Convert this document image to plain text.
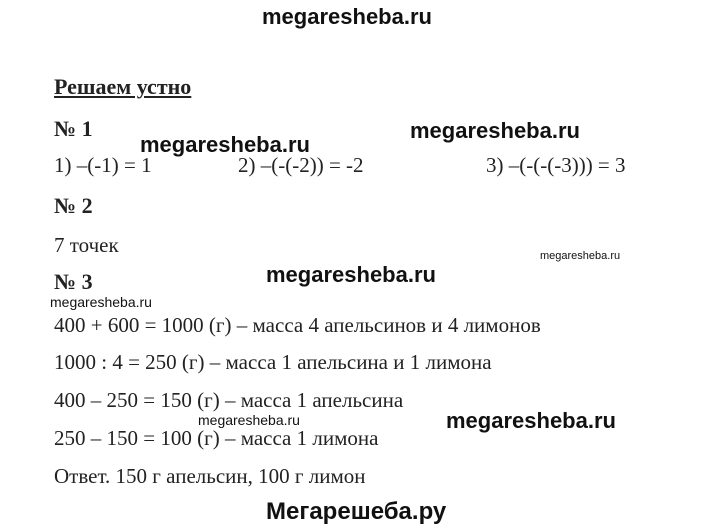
megaresheba.ru
Решаем устно
№ 1
megaresheba.ru
megaresheba.ru
1) –(-1) = 1	2) –(-(-2)) = -2	3) –(-(-(-3))) = 3
№ 2
7 точек	megaresheba.ru
№ 3	megaresheba.ru
megaresheba.ru
400 + 600 = 1000 (г) – масса 4 апельсинов и 4 лимонов
1000 : 4 = 250 (г) – масса 1 апельсина и 1 лимона
400 – 250 = 150 (г) – масса 1 апельсина
megaresheba.ru	megaresheba.ru
250 – 150 = 100 (г) – масса 1 лимона
Ответ. 150 г апельсин, 100 г лимон
Мегарешеба.ру
